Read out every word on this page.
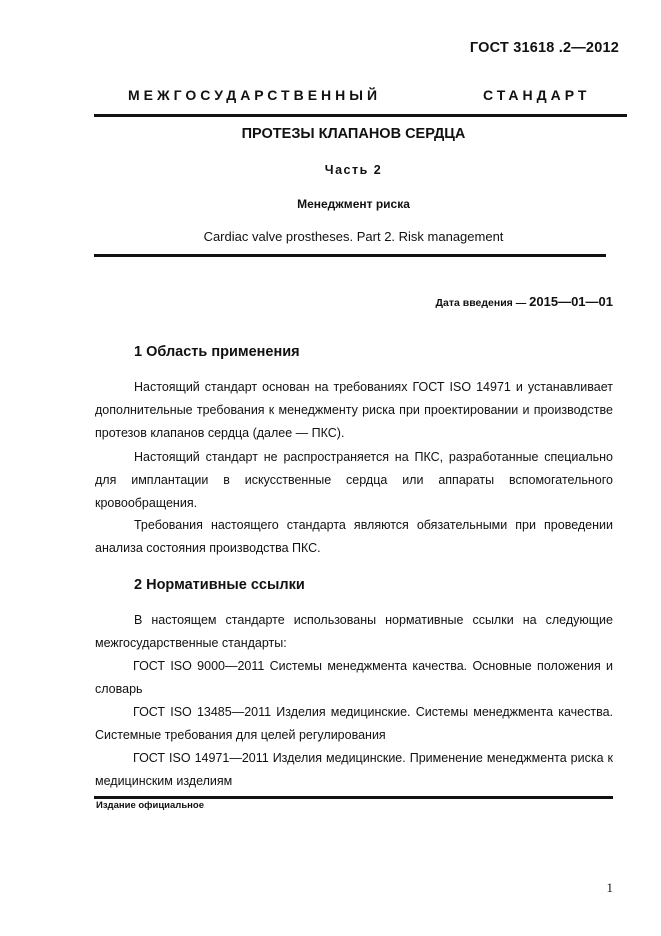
ГОСТ 31618 .2—2012
МЕЖГОСУДАРСТВЕННЫЙ	СТАНДАРТ
ПРОТЕЗЫ КЛАПАНОВ СЕРДЦА
Часть 2
Менеджмент риска
Cardiac valve prostheses. Part 2. Risk management
Дата введения — 2015—01—01
1 Область применения

Настоящий стандарт основан на требованиях ГОСТ ISO 14971 и устанавливает дополнительные требования к менеджменту риска при проектировании и производстве протезов клапанов сердца (далее — ПКС).

Настоящий стандарт не распространяется на ПКС, разработанные специально для имплантации в искусственные сердца или аппараты вспомогательного кровообращения.

Требования настоящего стандарта являются обязательными при проведении анализа состояния производства ПКС.

2 Нормативные ссылки

В настоящем стандарте использованы нормативные ссылки на следующие межгосударственные стандарты:

ГОСТ ISO 9000—2011 Системы менеджмента качества. Основные положения и словарь

ГОСТ ISO 13485—2011 Изделия медицинские. Системы менеджмента качества. Системные требования для целей регулирования

ГОСТ ISO 14971—2011 Изделия медицинские. Применение менеджмента риска к медицинским изделиям

Издание официальное
1
